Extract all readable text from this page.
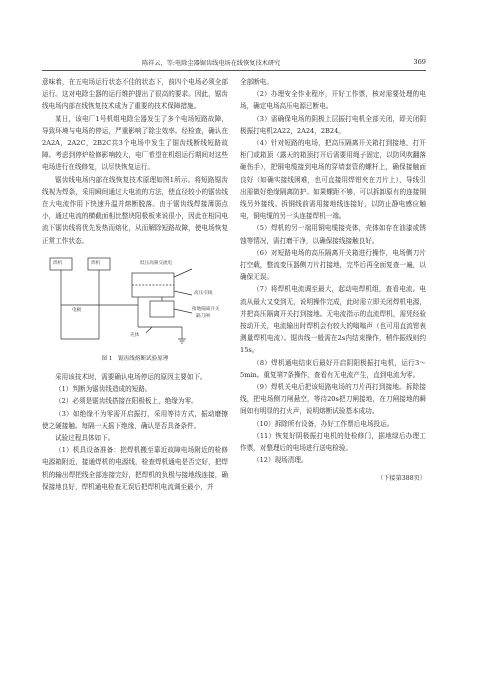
陈祥云，等:电除尘器锯齿线电场在线恢复技术研究	369

意味着，在五电场运行状态不佳的状态下，前四个电场必须全部运行。这对电除尘器的运行维护提出了很高的要求。因此，锯齿线电场内部在线恢复技术成为了重要的技术保障措施。

某日，该电厂1号机组电除尘器发生了多个电场短路故障，导致环境与电场的停运，严重影响了除尘效率。经检查，确认在2A2A，2A2C，2B2C共3个电场中发生了锯齿线断线短路故障。考虑到停炉检修影响较大，电厂希望在机组运行期间对这些电场进行在线修复，以尽快恢复运行。

锯齿线电场内部在线恢复技术原理如图1所示。将短路锯齿线视为焊条，采用瞬间通过大电流的方法，使直径较小的锯齿线在大电流作用下快速升温并熔断脱落。由于锯齿线焊接薄弱点小，通过电流的横截面相比整块阳极板来说很小，因此在相同电流下锯齿线将优先发热而熔化，从而解除短路故障，使电场恢复正常工作状态。

焊机	焊机	低压高频交流电
高压引线
接地隔离开关
隔刀闸
电极
壳体
图 1　锯齿线熔断试验原理

采用该技术时，需要确认电场停运的原因主要如下。

（1）判断为锯齿线造成的短路。

（2）必须是锯齿线搭接在阳极板上，绝缘为零。

（3）如绝缘不为零需开启振打，采用等待方式，振动磨擦使之硬接触。每隔一天摇下绝缘，确认是否具备条件。

试验过程具体如下。

（1）机具设备准备：把焊机搬至靠近故障电场附近的检修电源箱附近，接通焊机的电源线，检查焊机通电是否完好，把焊机的输出焊把线全部连接完好，把焊机的负极与接地线连接，确保接地良好，焊机通电检查无误后把焊机电流调至最小，并

全部断电。

（2）办理安全作业程序，开好工作票，核对需要处理的电场，确定电场高压电源已断电。

（3）需确保电场的阴极上层振打电机全部关闭，即关闭阴极振打电机2A22，2A24，2B24。

（4）针对短路的电场，把高压隔离开关箱打到接地，打开柜门或箱顶（露天的箱顶打开后需要用绳子固定，以防风吹翻落砸伤手），把铜电缆接到电场的穿墙套管的螺杆上，确保接触面良好（如确实接线困难，也可直接用焊钳夹在刀片上），导线引出需做好绝缘隔离防护。如果螺距不够，可以拆卸原有的连接铜线另外接线。拆铜线前需用接地线连接好，以防止静电感应触电，铜电缆的另一头连接焊机一端。

（5）焊机的另一端用铜电缆接壳体，壳体如存在油漆或锈蚀等情况，需打磨干净，以确保接线接触良好。

（6）对短路电场的高压隔离开关箱进行操作，电场侧刀片打空载，整流变压器侧刀片打接地，完毕后再全面复查一遍，以确保无误。

（7）将焊机电流调至最大，起动电焊机组，查看电流。电流从最大又变到无，说明操作完成，此时需立即关闭焊机电源，并把高压隔离开关打到接地。无电流指示的直流焊机，需凭经验按动开关，电流输出时焊机会有较大的嗡嗡声（也可用直流钳表测量焊机电流）。锯齿线一般需在2s内结束操作，稍作振线则约15s。

（8）焊机通电结束后最好开启阴阳极振打电机，运行3～5min。重复第7条操作，查看有无电流产生，直到电流为零。

（9）焊机关电后把该短路电场的刀片再打到接地。拆除接线，把电场侧刀闸悬空，等待20s把刀闸接地，在刀闸接地的瞬间如有明显的打火声，说明熔断试验基本成功。

（10）拆除所有设备，办好工作票后电场投运。

（11）恢复好阴极振打电机的处检修门，据地绿后办理工作票，对整理后的电场进行送电检验。

（12）现场清理。

（下接第388页）
